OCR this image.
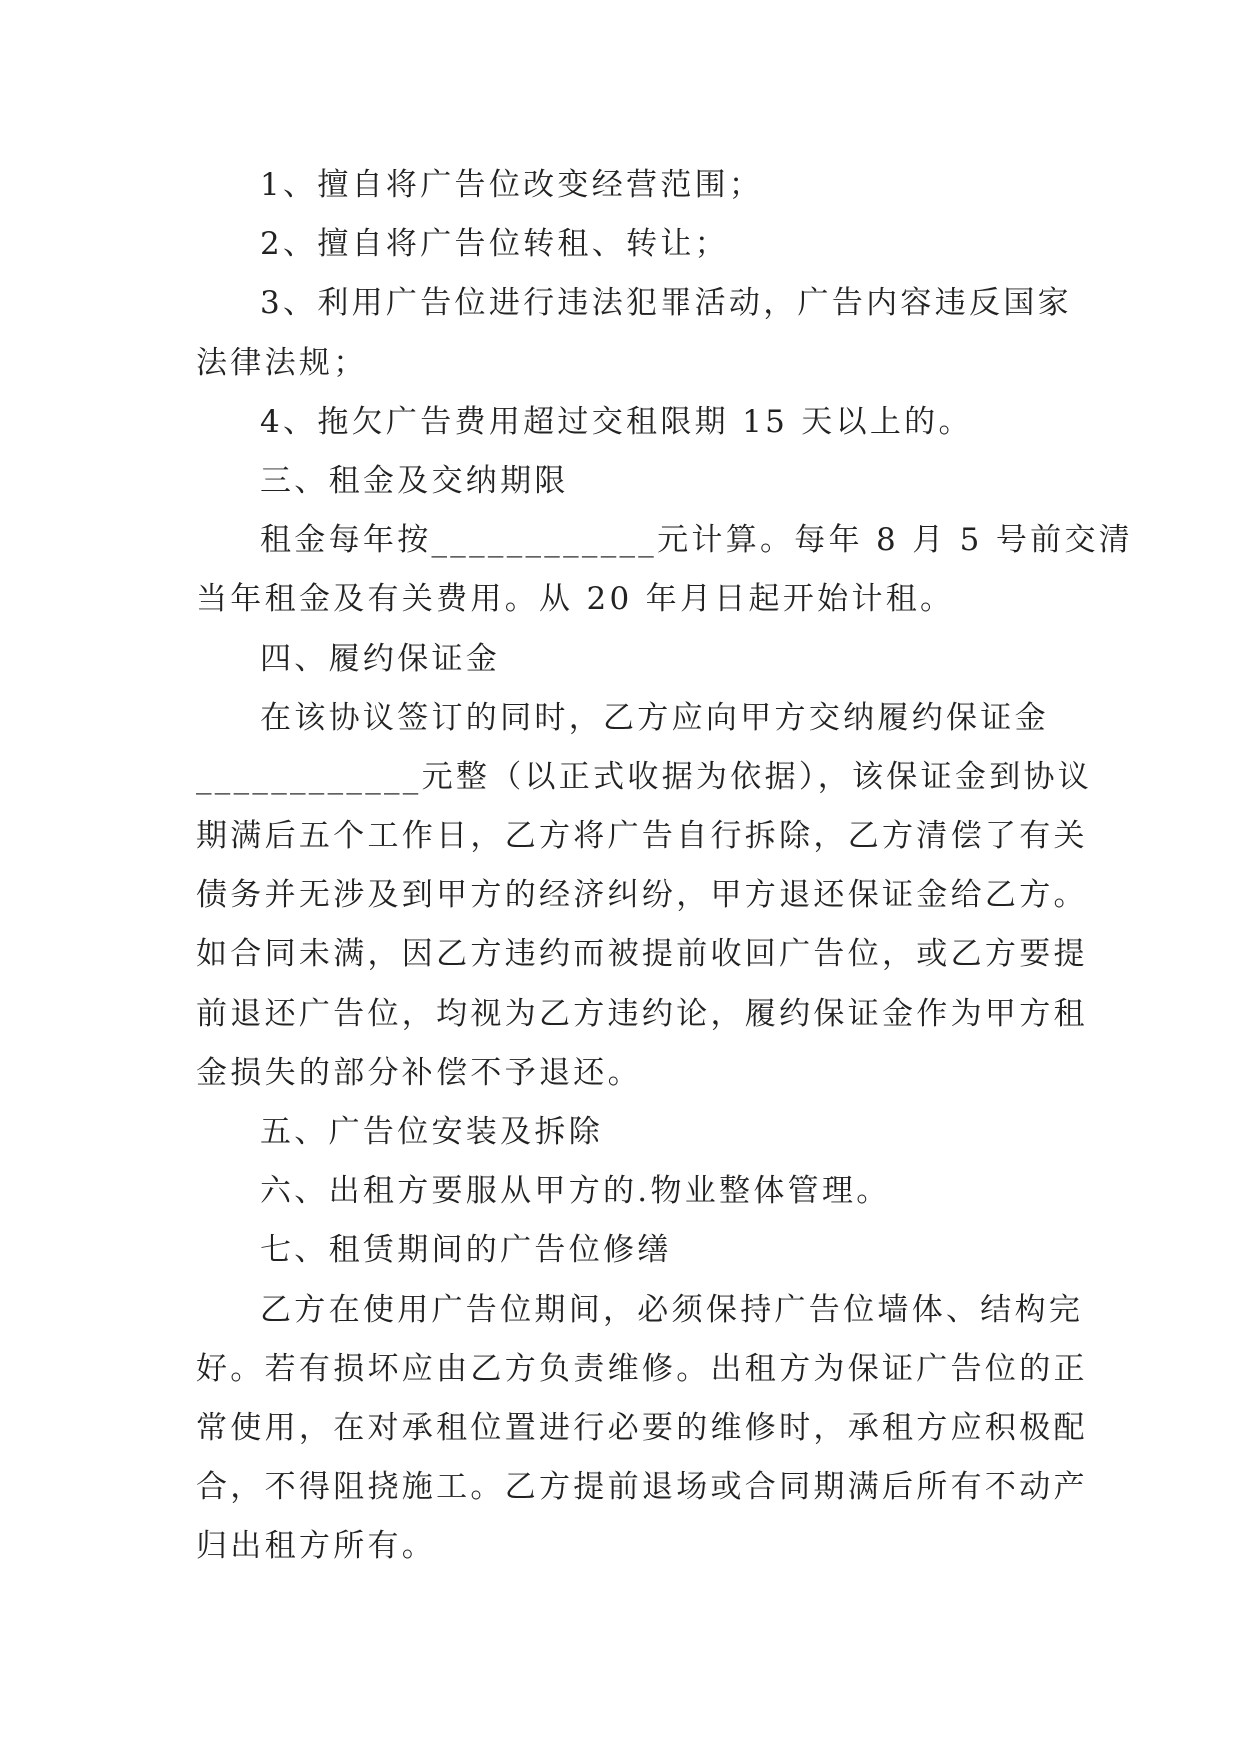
1、擅自将广告位改变经营范围；
2、擅自将广告位转租、转让；
3、利用广告位进行违法犯罪活动，广告内容违反国家
法律法规；
4、拖欠广告费用超过交租限期 15 天以上的。
三、租金及交纳期限
租金每年按____________元计算。每年 8 月 5 号前交清
当年租金及有关费用。从 20 年月日起开始计租。
四、履约保证金
在该协议签订的同时，乙方应向甲方交纳履约保证金
____________元整（以正式收据为依据），该保证金到协议
期满后五个工作日，乙方将广告自行拆除，乙方清偿了有关
债务并无涉及到甲方的经济纠纷，甲方退还保证金给乙方。
如合同未满，因乙方违约而被提前收回广告位，或乙方要提
前退还广告位，均视为乙方违约论，履约保证金作为甲方租
金损失的部分补偿不予退还。
五、广告位安装及拆除
六、出租方要服从甲方的.物业整体管理。
七、租赁期间的广告位修缮
乙方在使用广告位期间，必须保持广告位墙体、结构完
好。若有损坏应由乙方负责维修。出租方为保证广告位的正
常使用，在对承租位置进行必要的维修时，承租方应积极配
合，不得阻挠施工。乙方提前退场或合同期满后所有不动产
归出租方所有。
